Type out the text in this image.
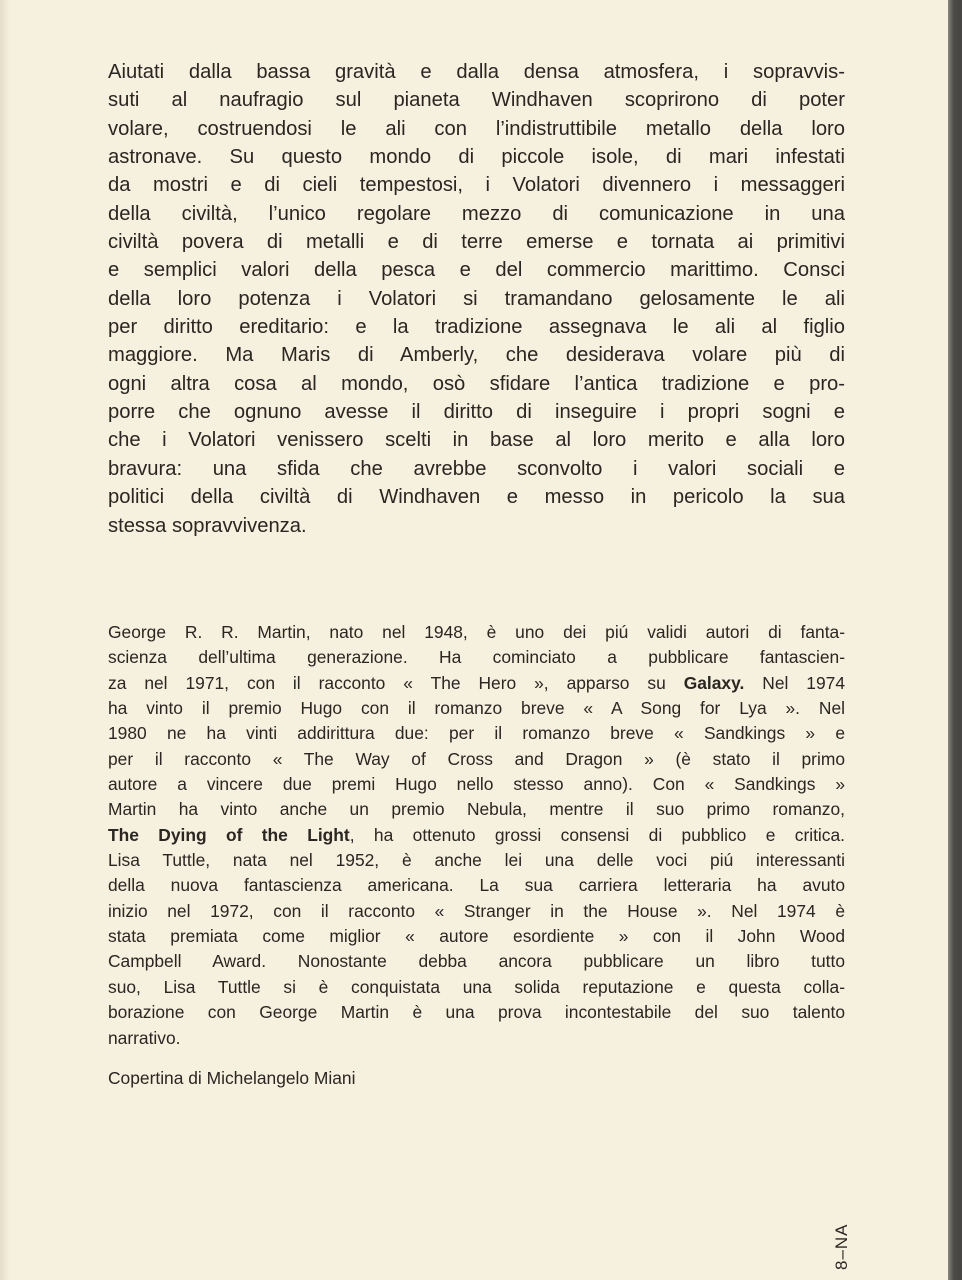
Aiutati dalla bassa gravità e dalla densa atmosfera, i sopravvis-
suti al naufragio sul pianeta Windhaven scoprirono di poter
volare, costruendosi le ali con l’indistruttibile metallo della loro
astronave. Su questo mondo di piccole isole, di mari infestati
da mostri e di cieli tempestosi, i Volatori divennero i messaggeri
della civiltà, l’unico regolare mezzo di comunicazione in una
civiltà povera di metalli e di terre emerse e tornata ai primitivi
e semplici valori della pesca e del commercio marittimo. Consci
della loro potenza i Volatori si tramandano gelosamente le ali
per diritto ereditario: e la tradizione assegnava le ali al figlio
maggiore. Ma Maris di Amberly, che desiderava volare più di
ogni altra cosa al mondo, osò sfidare l’antica tradizione e pro-
porre che ognuno avesse il diritto di inseguire i propri sogni e
che i Volatori venissero scelti in base al loro merito e alla loro
bravura: una sfida che avrebbe sconvolto i valori sociali e
politici della civiltà di Windhaven e messo in pericolo la sua
stessa sopravvivenza.
George R. R. Martin, nato nel 1948, è uno dei piú validi autori di fanta-
scienza dell’ultima generazione. Ha cominciato a pubblicare fantascien-
za nel 1971, con il racconto « The Hero », apparso su Galaxy. Nel 1974
ha vinto il premio Hugo con il romanzo breve « A Song for Lya ». Nel
1980 ne ha vinti addirittura due: per il romanzo breve « Sandkings » e
per il racconto « The Way of Cross and Dragon » (è stato il primo
autore a vincere due premi Hugo nello stesso anno). Con « Sandkings »
Martin ha vinto anche un premio Nebula, mentre il suo primo romanzo,
The Dying of the Light, ha ottenuto grossi consensi di pubblico e critica.
Lisa Tuttle, nata nel 1952, è anche lei una delle voci piú interessanti
della nuova fantascienza americana. La sua carriera letteraria ha avuto
inizio nel 1972, con il racconto « Stranger in the House ». Nel 1974 è
stata premiata come miglior « autore esordiente » con il John Wood
Campbell Award. Nonostante debba ancora pubblicare un libro tutto
suo, Lisa Tuttle si è conquistata una solida reputazione e questa colla-
borazione con George Martin è una prova incontestabile del suo talento
narrativo.
Copertina di Michelangelo Miani
8–NA
